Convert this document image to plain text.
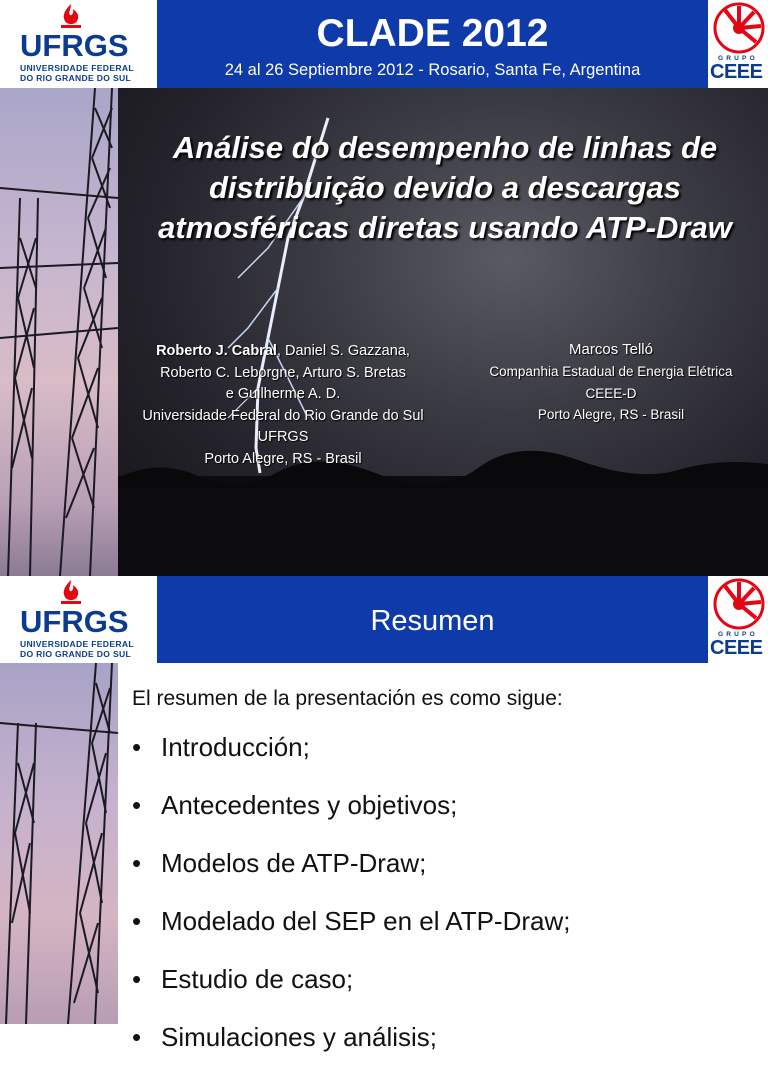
UFRGS
UNIVERSIDADE FEDERAL
DO RIO GRANDE DO SUL
CLADE 2012
24 al 26 Septiembre 2012 - Rosario, Santa Fe, Argentina
GRUPO
CEEE
Análise do desempenho de linhas de distribuição devido a descargas atmosféricas diretas usando ATP-Draw
Roberto J. Cabral, Daniel S. Gazzana,
Roberto C. Leborgne, Arturo S. Bretas
e Guilherme A. D.
Universidade Federal do Rio Grande do Sul
UFRGS
Porto Alegre, RS - Brasil
Marcos Telló
Companhia Estadual de Energia Elétrica
CEEE-D
Porto Alegre, RS - Brasil
UFRGS
UNIVERSIDADE FEDERAL
DO RIO GRANDE DO SUL
Resumen	GRUPO
CEEE
El resumen de la presentación es como sigue:
• Introducción;
• Antecedentes y objetivos;
• Modelos de ATP-Draw;
• Modelado del SEP en el ATP-Draw;
• Estudio de caso;
• Simulaciones y análisis;
